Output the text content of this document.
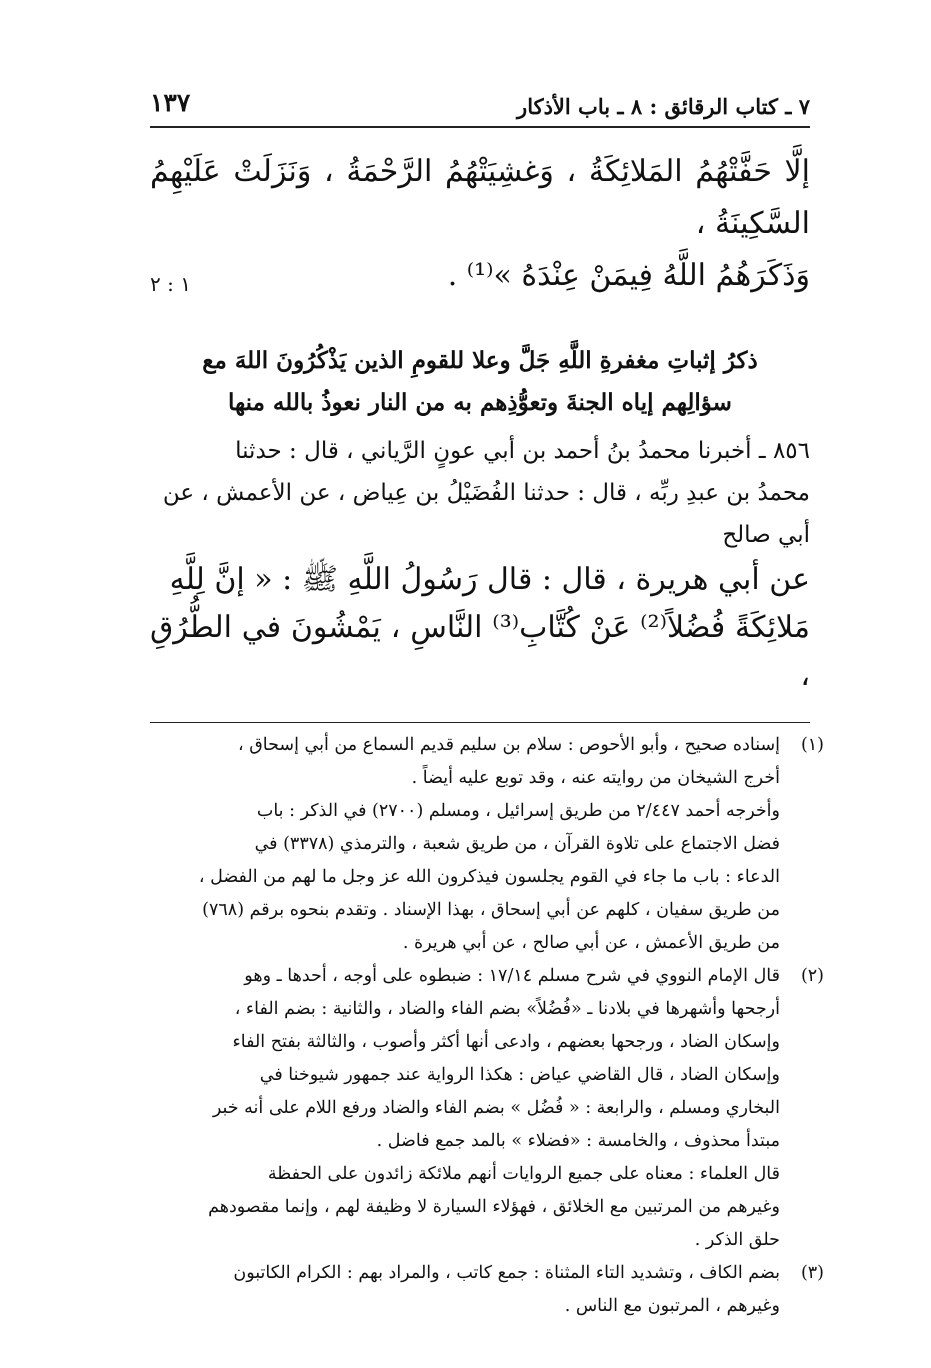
٧ ـ كتاب الرقائق : ٨ ـ باب الأذكار
١٣٧
إلَّا حَفَّتْهُمُ المَلائِكَةُ ، وَغشِيَتْهُمُ الرَّحْمَةُ ، وَنَزَلَتْ عَلَيْهِمُ السَّكِينَةُ ،
وَذَكَرَهُمُ اللَّهُ فِيمَنْ عِنْدَهُ »⁽¹⁾ .
١ : ٢
ذكرُ إثباتِ مغفرةِ اللَّهِ جَلَّ وعلا للقومِ الذين يَذْكُرُونَ اللهَ مع
سؤالِهم إياه الجنةَ وتعوُّذِهم به من النار نعوذُ بالله منها
٨٥٦ ـ أخبرنا محمدُ بنُ أحمد بن أبي عونٍ الرَّياني ، قال : حدثنا
محمدُ بن عبدِ ربِّه ، قال : حدثنا الفُضَيْلُ بن عِياض ، عن الأعمش ، عن
أبي صالح
عن أبي هريرة ، قال : قال رَسُولُ اللَّهِ ﷺ : « إنَّ لِلَّهِ
مَلائِكَةً فُضُلاً⁽²⁾ عَنْ كُتَّابِ⁽³⁾ النَّاسِ ، يَمْشُونَ في الطُّرُقِ ،
(١)
إسناده صحيح ، وأبو الأحوص : سلام بن سليم قديم السماع من أبي إسحاق ،
أخرج الشيخان من روايته عنه ، وقد توبع عليه أيضاً .
وأخرجه أحمد ٢/٤٤٧ من طريق إسرائيل ، ومسلم (٢٧٠٠) في الذكر : باب
فضل الاجتماع على تلاوة القرآن ، من طريق شعبة ، والترمذي (٣٣٧٨) في
الدعاء : باب ما جاء في القوم يجلسون فيذكرون الله عز وجل ما لهم من الفضل ،
من طريق سفيان ، كلهم عن أبي إسحاق ، بهذا الإسناد . وتقدم بنحوه برقم (٧٦٨)
من طريق الأعمش ، عن أبي صالح ، عن أبي هريرة .
(٢)
قال الإمام النووي في شرح مسلم ١٧/١٤ : ضبطوه على أوجه ، أحدها ـ وهو
أرجحها وأشهرها في بلادنا ـ «فُضُلاً» بضم الفاء والضاد ، والثانية : بضم الفاء ،
وإسكان الضاد ، ورجحها بعضهم ، وادعى أنها أكثر وأصوب ، والثالثة بفتح الفاء
وإسكان الضاد ، قال القاضي عياض : هكذا الرواية عند جمهور شيوخنا في
البخاري ومسلم ، والرابعة : « فُضُل » بضم الفاء والضاد ورفع اللام على أنه خبر
مبتدأ محذوف ، والخامسة : «فضلاء » بالمد جمع فاضل .
قال العلماء : معناه على جميع الروايات أنهم ملائكة زائدون على الحفظة
وغيرهم من المرتبين مع الخلائق ، فهؤلاء السيارة لا وظيفة لهم ، وإنما مقصودهم
حلق الذكر .
(٣)
بضم الكاف ، وتشديد التاء المثناة : جمع كاتب ، والمراد بهم : الكرام الكاتبون
وغيرهم ، المرتبون مع الناس .
